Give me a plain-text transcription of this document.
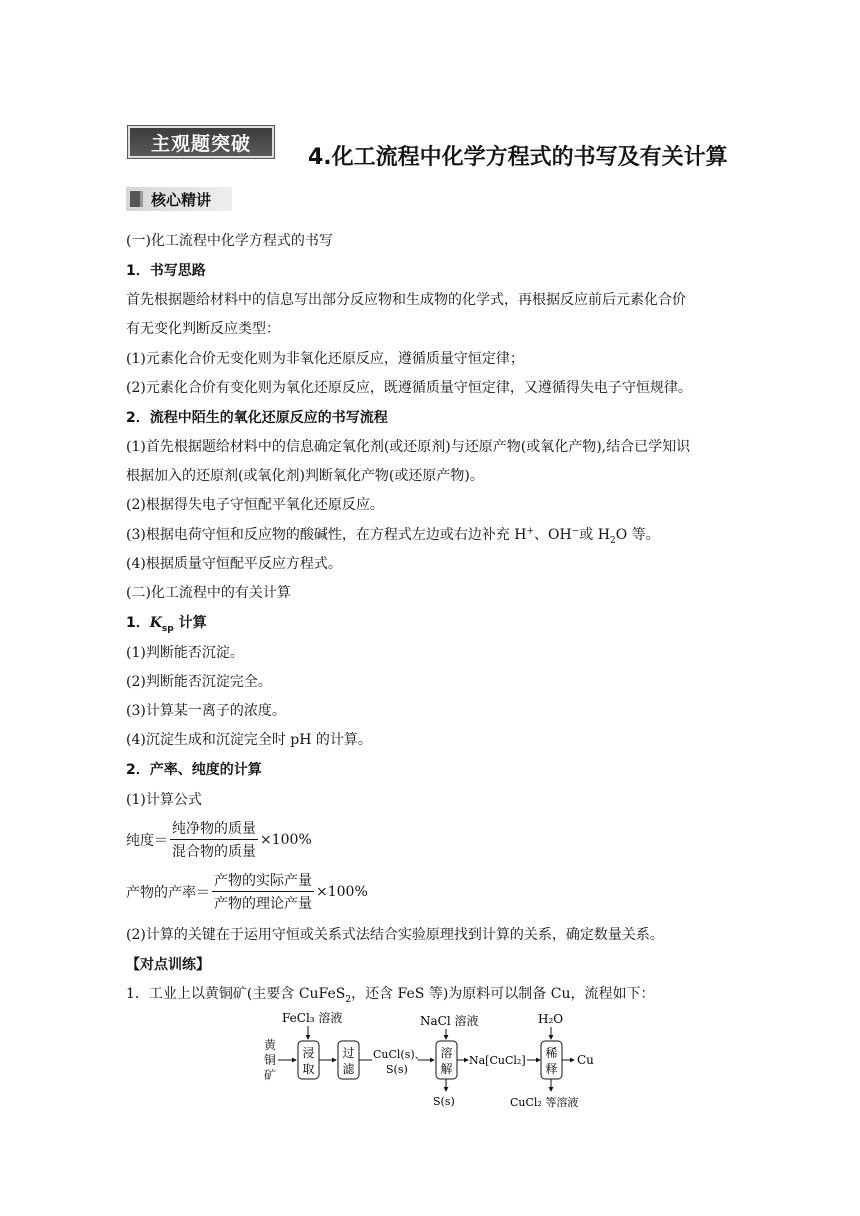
主观题突破
4.化工流程中化学方程式的书写及有关计算
核心精讲
(一)化工流程中化学方程式的书写
1．书写思路
首先根据题给材料中的信息写出部分反应物和生成物的化学式，再根据反应前后元素化合价
有无变化判断反应类型：
(1)元素化合价无变化则为非氧化还原反应，遵循质量守恒定律；
(2)元素化合价有变化则为氧化还原反应，既遵循质量守恒定律，又遵循得失电子守恒规律。
2．流程中陌生的氧化还原反应的书写流程
(1)首先根据题给材料中的信息确定氧化剂(或还原剂)与还原产物(或氧化产物),结合已学知识
根据加入的还原剂(或氧化剂)判断氧化产物(或还原产物)。
(2)根据得失电子守恒配平氧化还原反应。
(3)根据电荷守恒和反应物的酸碱性，在方程式左边或右边补充 H+、OH−或 $H_2O$ 等。
(4)根据质量守恒配平反应方程式。
(二)化工流程中的有关计算
1．$K_{sp}$ 计算
(1)判断能否沉淀。
(2)判断能否沉淀完全。
(3)计算某一离子的浓度。
(4)沉淀生成和沉淀完全时 pH 的计算。
2．产率、纯度的计算
(1)计算公式
纯度＝ $\frac{\text{纯净物的质量}}{\text{混合物的质量}} \times 100\%$
产物的产率＝ $\frac{\text{产物的实际产量}}{\text{产物的理论产量}} \times 100\%$
(2)计算的关键在于运用守恒或关系式法结合实验原理找到计算的关系，确定数量关系。
【对点训练】
1．工业上以黄铜矿(主要含 CuFeS$_2$，还含 FeS 等)为原料可以制备 Cu，流程如下：
黄
铜
矿
FeCl₃ 溶液
浸
取
过
滤
CuCl(s)、
S(s)
NaCl 溶液
溶
解
S(s)
Na[CuCl₂]
H₂O
稀
释
CuCl₂ 等溶液
Cu
